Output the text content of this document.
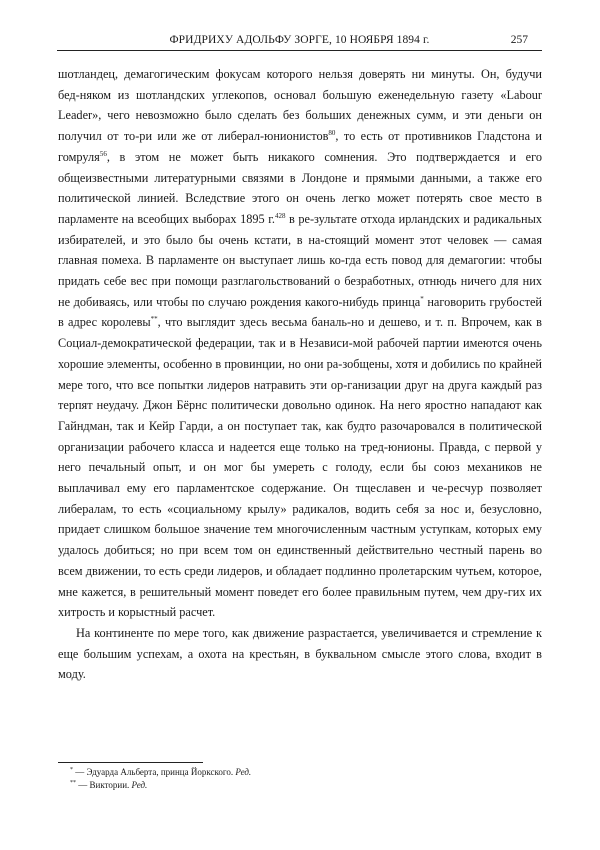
ФРИДРИХУ АДОЛЬФУ ЗОРГЕ, 10 НОЯБРЯ 1894 г.	257

шотландец, демагогическим фокусам которого нельзя доверять ни минуты. Он, будучи бед-няком из шотландских углекопов, основал большую еженедельную газету «Labour Leader», чего невозможно было сделать без больших денежных сумм, и эти деньги он получил от то-ри или же от либерал-юнионистов$^{80}$, то есть от противников Гладстона и гомруля$^{56}$, в этом не может быть никакого сомнения. Это подтверждается и его общеизвестными литературными связями в Лондоне и прямыми данными, а также его политической линией. Вследствие этого он очень легко может потерять свое место в парламенте на всеобщих выборах 1895 г.$^{428}$ в ре-зультате отхода ирландских и радикальных избирателей, и это было бы очень кстати, в на-стоящий момент этот человек — самая главная помеха. В парламенте он выступает лишь ко-гда есть повод для демагогии: чтобы придать себе вес при помощи разглагольствований о безработных, отнюдь ничего для них не добиваясь, или чтобы по случаю рождения какого-нибудь принца* наговорить грубостей в адрес королевы**, что выглядит здесь весьма баналь-но и дешево, и т. п. Впрочем, как в Социал-демократической федерации, так и в Независи-мой рабочей партии имеются очень хорошие элементы, особенно в провинции, но они ра-зобщены, хотя и добились по крайней мере того, что все попытки лидеров натравить эти ор-ганизации друг на друга каждый раз терпят неудачу. Джон Бёрнс политически довольно одинок. На него яростно нападают как Гайндман, так и Кейр Гарди, а он поступает так, как будто разочаровался в политической организации рабочего класса и надеется еще только на тред-юнионы. Правда, с первой у него печальный опыт, и он мог бы умереть с голоду, если бы союз механиков не выплачивал ему его парламентское содержание. Он тщеславен и че-ресчур позволяет либералам, то есть «социальному крылу» радикалов, водить себя за нос и, безусловно, придает слишком большое значение тем многочисленным частным уступкам, которых ему удалось добиться; но при всем том он единственный действительно честный парень во всем движении, то есть среди лидеров, и обладает подлинно пролетарским чутьем, которое, мне кажется, в решительный момент поведет его более правильным путем, чем дру-гих их хитрость и корыстный расчет.

На континенте по мере того, как движение разрастается, увеличивается и стремление к еще большим успехам, а охота на крестьян, в буквальном смысле этого слова, входит в моду.

* — Эдуарда Альберта, принца Йоркского. Ред.
** — Виктории. Ред.
